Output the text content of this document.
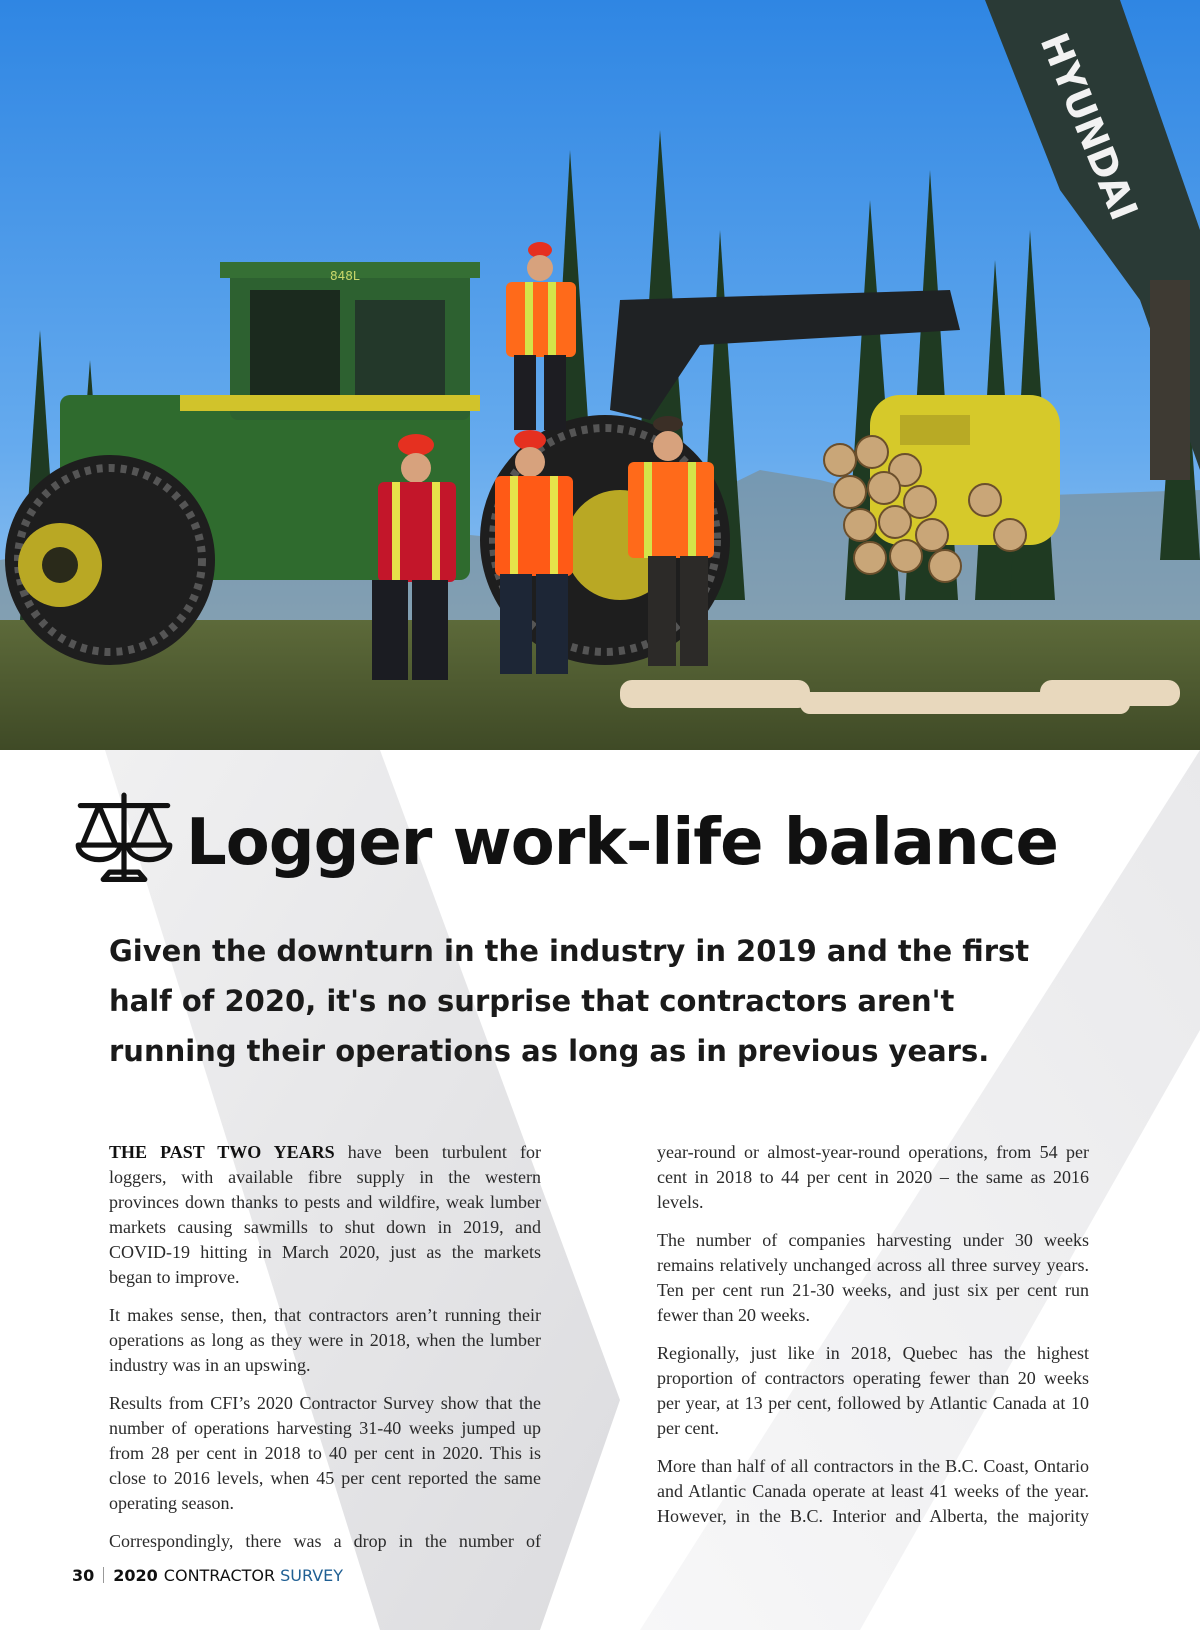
848L
HYUNDAI
Logger work-life balance
Given the downturn in the industry in 2019 and the first half of 2020, it's no surprise that contractors aren't running their operations as long as in previous years.

THE PAST TWO YEARS have been turbulent for loggers, with available fibre supply in the western provinces down thanks to pests and wildfire, weak lumber markets causing sawmills to shut down in 2019, and COVID-19 hitting in March 2020, just as the markets began to improve.

It makes sense, then, that contractors aren’t running their operations as long as they were in 2018, when the lumber industry was in an upswing.

Results from CFI’s 2020 Contractor Survey show that the number of operations harvesting 31-40 weeks jumped up from 28 per cent in 2018 to 40 per cent in 2020. This is close to 2016 levels, when 45 per cent reported the same operating season.

Correspondingly, there was a drop in the number of

year-round or almost-year-round operations, from 54 per cent in 2018 to 44 per cent in 2020 – the same as 2016 levels.

The number of companies harvesting under 30 weeks remains relatively unchanged across all three survey years. Ten per cent run 21-30 weeks, and just six per cent run fewer than 20 weeks.

Regionally, just like in 2018, Quebec has the highest proportion of contractors operating fewer than 20 weeks per year, at 13 per cent, followed by Atlantic Canada at 10 per cent.

More than half of all contractors in the B.C. Coast, Ontario and Atlantic Canada operate at least 41 weeks of the year. However, in the B.C. Interior and Alberta, the majority

30 2020 CONTRACTOR SURVEY
